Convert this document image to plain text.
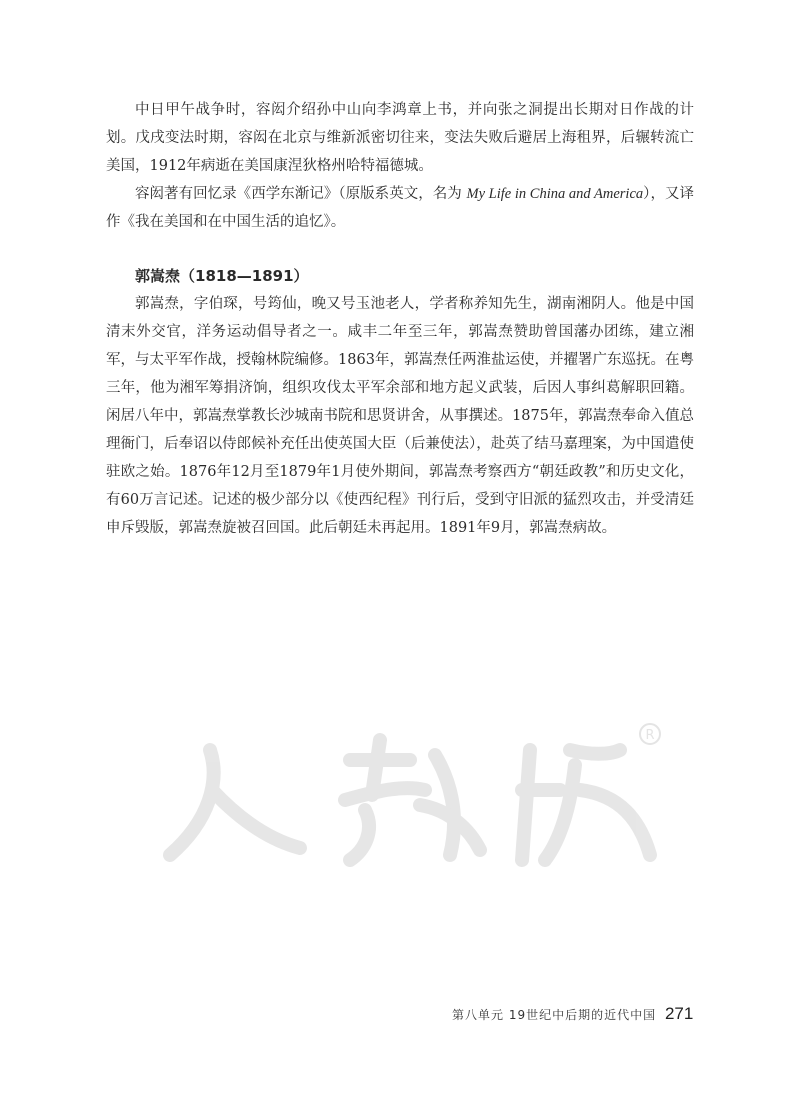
中日甲午战争时，容闳介绍孙中山向李鸿章上书，并向张之洞提出长期对日作战的计划。戊戌变法时期，容闳在北京与维新派密切往来，变法失败后避居上海租界，后辗转流亡美国，1912年病逝在美国康涅狄格州哈特福德城。

容闳著有回忆录《西学东渐记》（原版系英文，名为 My Life in China and America），又译作《我在美国和在中国生活的追忆》。

郭嵩焘（1818—1891）

郭嵩焘，字伯琛，号筠仙，晚又号玉池老人，学者称养知先生，湖南湘阴人。他是中国清末外交官，洋务运动倡导者之一。咸丰二年至三年，郭嵩焘赞助曾国藩办团练，建立湘军，与太平军作战，授翰林院编修。1863年，郭嵩焘任两淮盐运使，并擢署广东巡抚。在粤三年，他为湘军筹捐济饷，组织攻伐太平军余部和地方起义武装，后因人事纠葛解职回籍。闲居八年中，郭嵩焘掌教长沙城南书院和思贤讲舍，从事撰述。1875年，郭嵩焘奉命入值总理衙门，后奉诏以侍郎候补充任出使英国大臣（后兼使法），赴英了结马嘉理案，为中国遣使驻欧之始。1876年12月至1879年1月使外期间，郭嵩焘考察西方“朝廷政教”和历史文化，有60万言记述。记述的极少部分以《使西纪程》刊行后，受到守旧派的猛烈攻击，并受清廷申斥毁版，郭嵩焘旋被召回国。此后朝廷未再起用。1891年9月，郭嵩焘病故。

R
第八单元 19世纪中后期的近代中国 271
